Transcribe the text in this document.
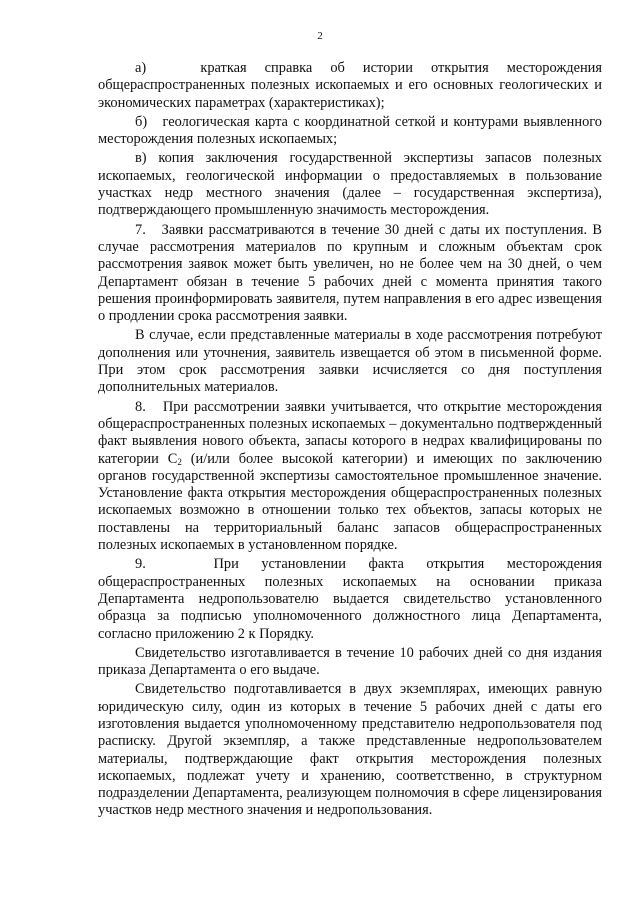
2

а)   краткая справка об истории открытия месторождения общераспространенных полезных ископаемых и его основных геологических и экономических параметрах (характеристиках);

б)   геологическая карта с координатной сеткой и контурами выявленного месторождения полезных ископаемых;

в) копия заключения государственной экспертизы запасов полезных ископаемых, геологической информации о предоставляемых в пользование участках недр местного значения (далее – государственная экспертиза), подтверждающего промышленную значимость месторождения.

7.   Заявки рассматриваются в течение 30 дней с даты их поступления. В случае рассмотрения материалов по крупным и сложным объектам срок рассмотрения заявок может быть увеличен, но не более чем на 30 дней, о чем Департамент обязан в течение 5 рабочих дней с момента принятия такого решения проинформировать заявителя, путем направления в его адрес извещения о продлении срока рассмотрения заявки.

В случае, если представленные материалы в ходе рассмотрения потребуют дополнения или уточнения, заявитель извещается об этом в письменной форме. При этом срок рассмотрения заявки исчисляется со дня поступления дополнительных материалов.

8.   При рассмотрении заявки учитывается, что открытие месторождения общераспространенных полезных ископаемых – документально подтвержденный факт выявления нового объекта, запасы которого в недрах квалифицированы по категории $С_2$ (и/или более высокой категории) и имеющих по заключению органов государственной экспертизы самостоятельное промышленное значение. Установление факта открытия месторождения общераспространенных полезных ископаемых возможно в отношении только тех объектов, запасы которых не поставлены на территориальный баланс запасов общераспространенных полезных ископаемых в установленном порядке.

9.   При установлении факта открытия месторождения общераспространенных полезных ископаемых на основании приказа Департамента недропользователю выдается свидетельство установленного образца за подписью уполномоченного должностного лица Департамента, согласно приложению 2 к Порядку.

Свидетельство изготавливается в течение 10 рабочих дней со дня издания приказа Департамента о его выдаче.

Свидетельство подготавливается в двух экземплярах, имеющих равную юридическую силу, один из которых в течение 5 рабочих дней с даты его изготовления выдается уполномоченному представителю недропользователя под расписку. Другой экземпляр, а также представленные недропользователем материалы, подтверждающие факт открытия месторождения полезных ископаемых, подлежат учету и хранению, соответственно, в структурном подразделении Департамента, реализующем полномочия в сфере лицензирования участков недр местного значения и недропользования.
